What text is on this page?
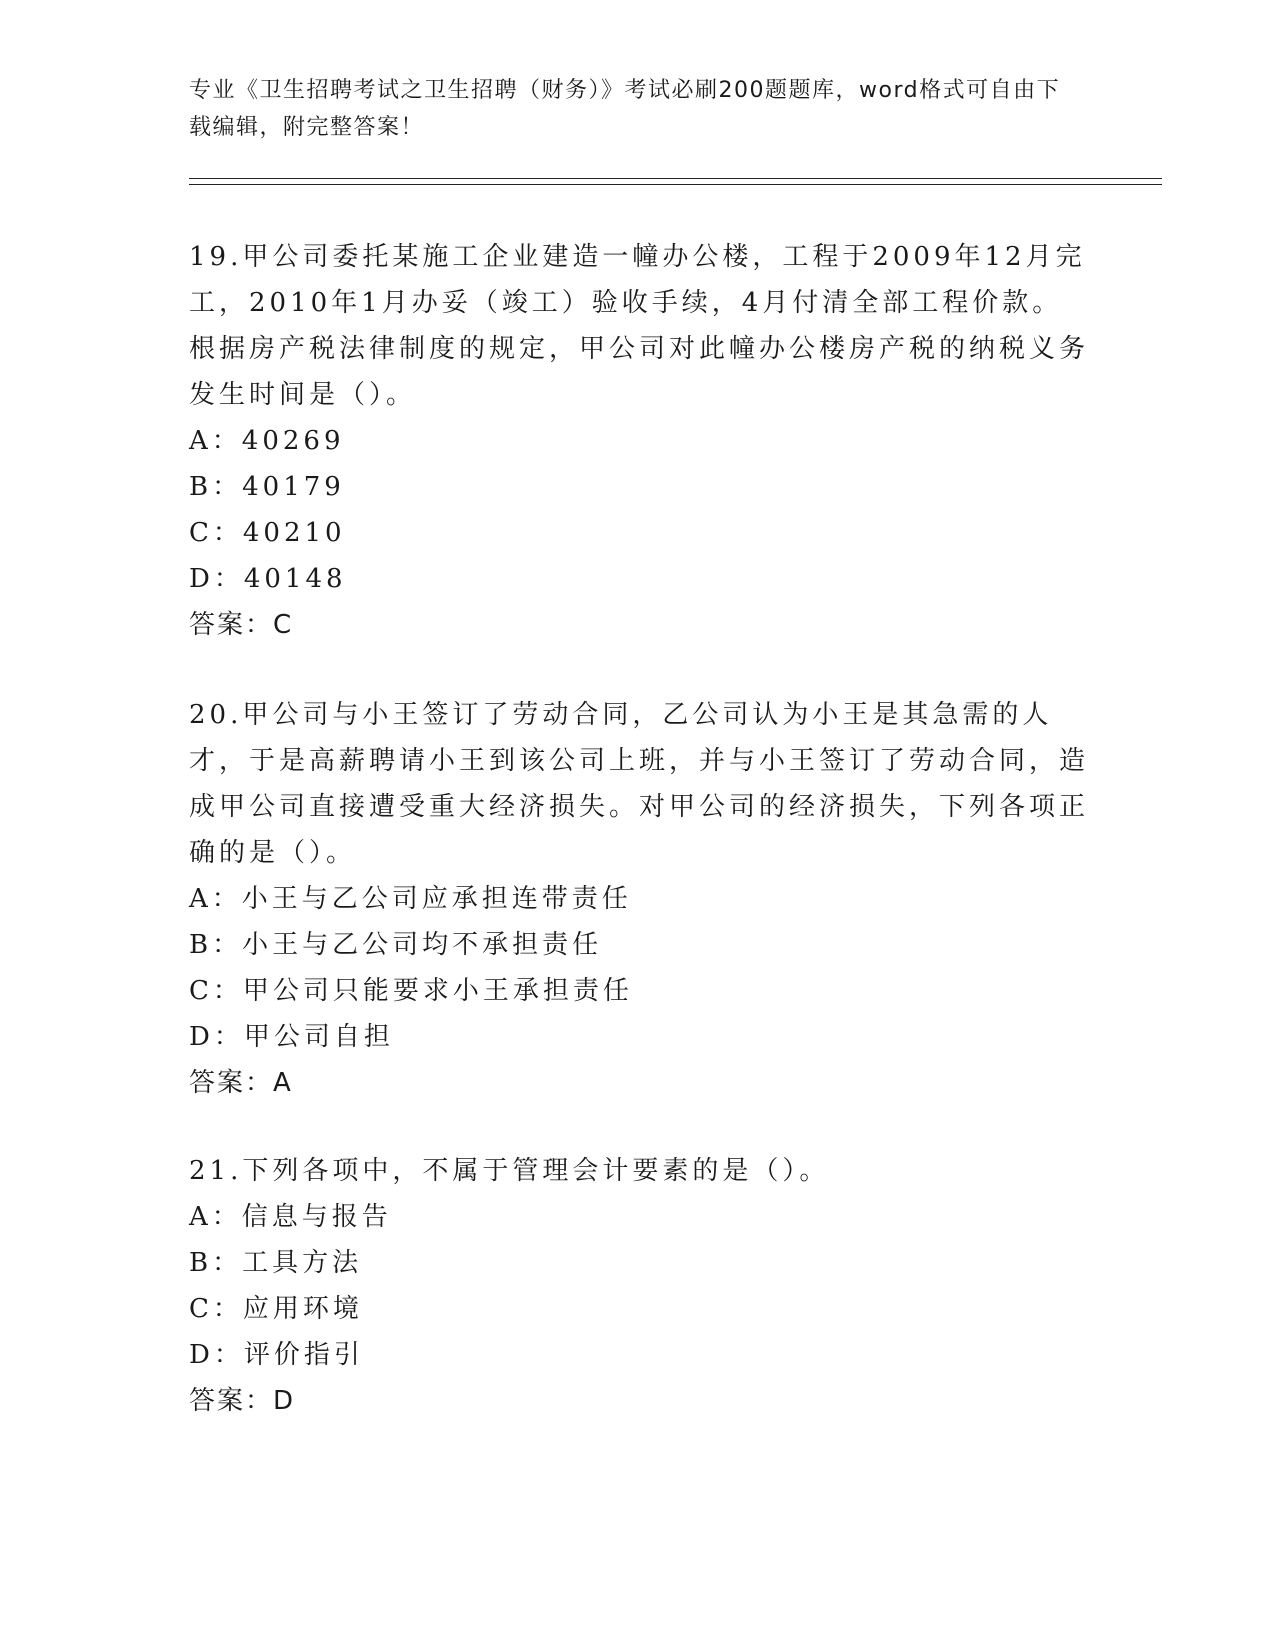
专业《卫生招聘考试之卫生招聘（财务）》考试必刷200题题库，word格式可自由下载编辑，附完整答案！

19.甲公司委托某施工企业建造一幢办公楼，工程于2009年12月完工，2010年1月办妥（竣工）验收手续，4月付清全部工程价款。根据房产税法律制度的规定，甲公司对此幢办公楼房产税的纳税义务发生时间是（）。

A：40269

B：40179

C：40210

D：40148

答案：C

20.甲公司与小王签订了劳动合同，乙公司认为小王是其急需的人才，于是高薪聘请小王到该公司上班，并与小王签订了劳动合同，造成甲公司直接遭受重大经济损失。对甲公司的经济损失，下列各项正确的是（）。

A：小王与乙公司应承担连带责任

B：小王与乙公司均不承担责任

C：甲公司只能要求小王承担责任

D：甲公司自担

答案：A

21.下列各项中，不属于管理会计要素的是（）。

A：信息与报告

B：工具方法

C：应用环境

D：评价指引

答案：D
